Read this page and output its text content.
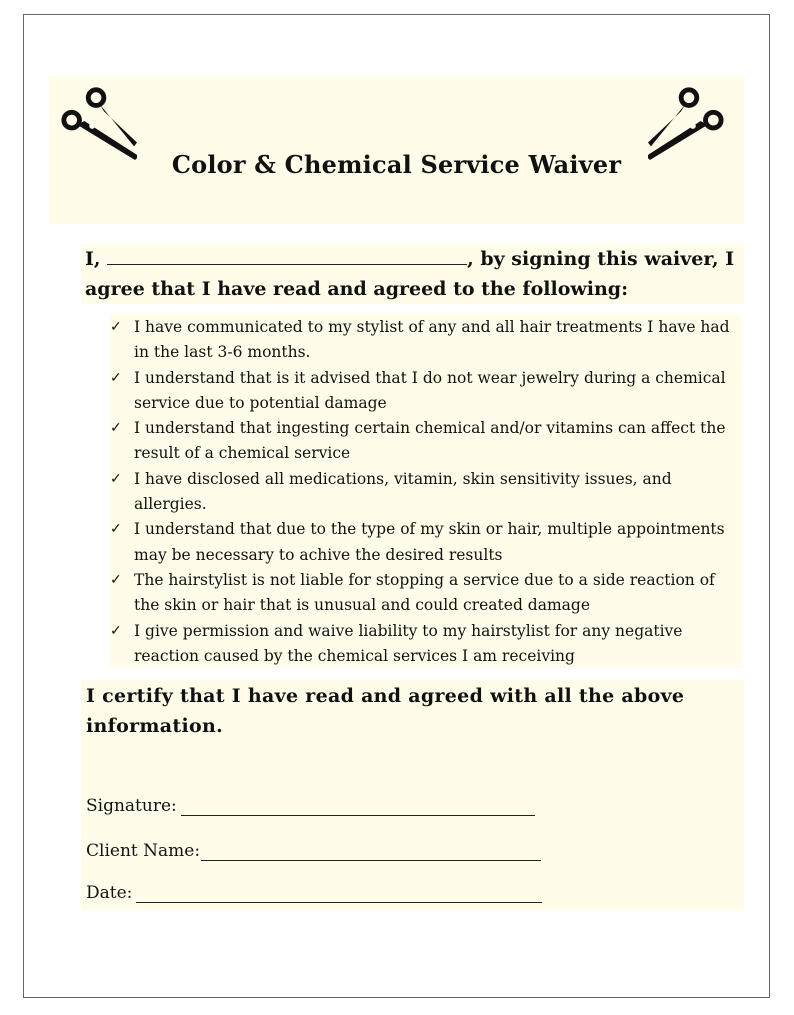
Color & Chemical Service Waiver
I,	, by signing this waiver, I agree that I have read and agreed to the following:
✓ I have communicated to my stylist of any and all hair treatments I have had in the last 3-6 months.
✓ I understand that is it advised that I do not wear jewelry during a chemical service due to potential damage
✓ I understand that ingesting certain chemical and/or vitamins can affect the result of a chemical service
✓ I have disclosed all medications, vitamin, skin sensitivity issues, and allergies.
✓ I understand that due to the type of my skin or hair, multiple appointments may be necessary to achive the desired results
✓ The hairstylist is not liable for stopping a service due to a side reaction of the skin or hair that is unusual and could created damage
✓ I give permission and waive liability to my hairstylist for any negative reaction caused by the chemical services I am receiving
I certify that I have read and agreed with all the above information.
Signature:
Client Name:
Date:
